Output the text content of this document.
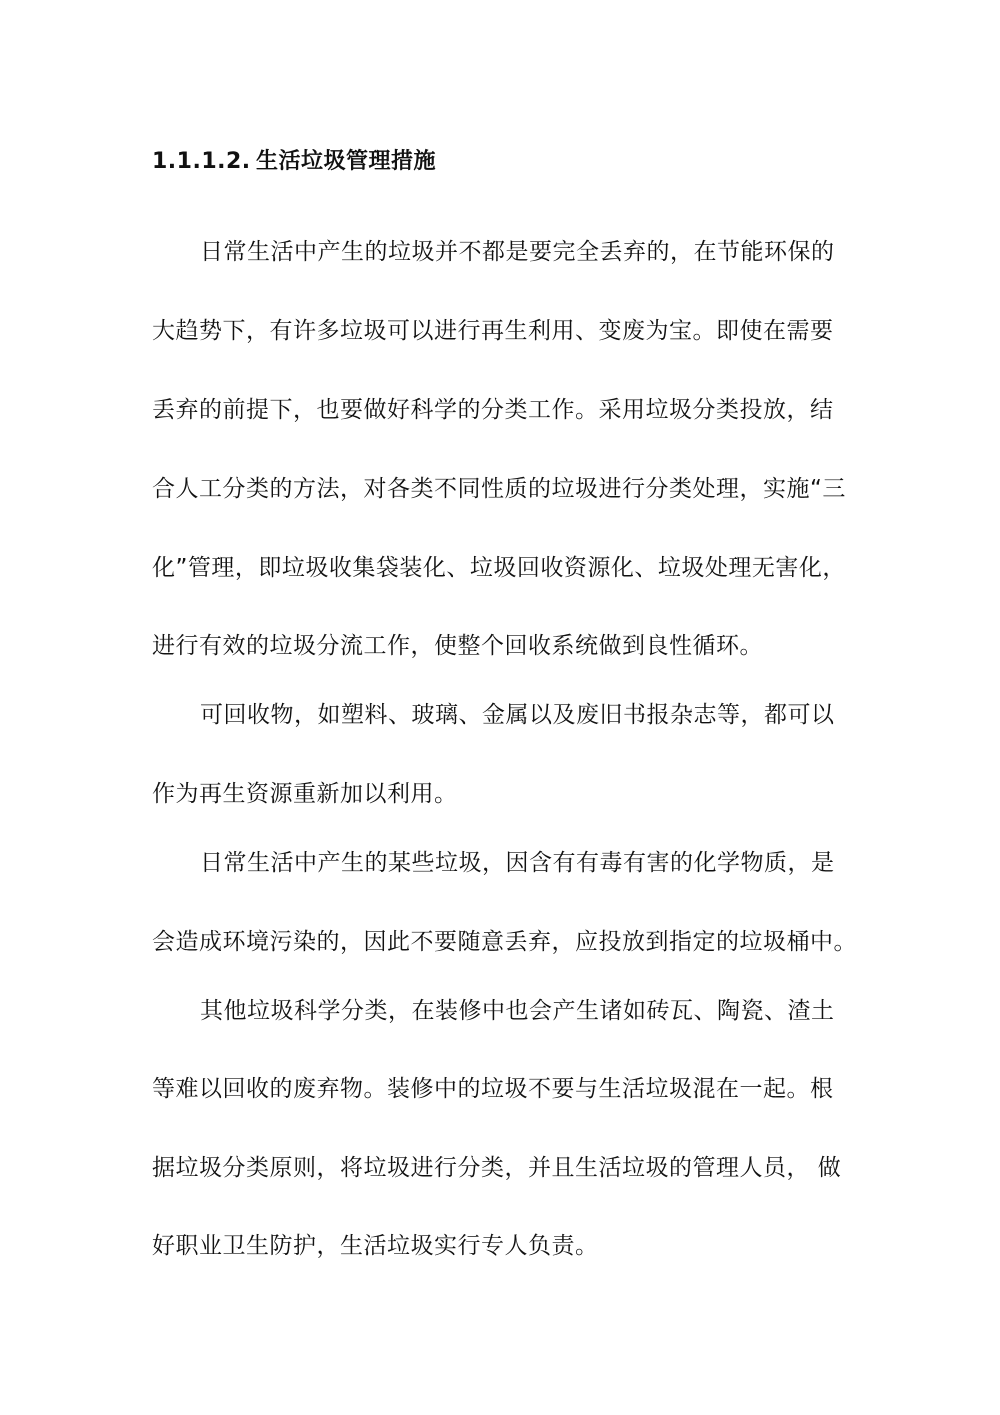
1.1.1.2. 生活垃圾管理措施
日常生活中产生的垃圾并不都是要完全丢弃的，在节能环保的
大趋势下，有许多垃圾可以进行再生利用、变废为宝。即使在需要
丢弃的前提下，也要做好科学的分类工作。采用垃圾分类投放，结
合人工分类的方法，对各类不同性质的垃圾进行分类处理，实施“三
化”管理，即垃圾收集袋装化、垃圾回收资源化、垃圾处理无害化，
进行有效的垃圾分流工作，使整个回收系统做到良性循环。
可回收物，如塑料、玻璃、金属以及废旧书报杂志等，都可以
作为再生资源重新加以利用。
日常生活中产生的某些垃圾，因含有有毒有害的化学物质，是
会造成环境污染的，因此不要随意丢弃，应投放到指定的垃圾桶中。
其他垃圾科学分类，在装修中也会产生诸如砖瓦、陶瓷、渣土
等难以回收的废弃物。装修中的垃圾不要与生活垃圾混在一起。根
据垃圾分类原则，将垃圾进行分类，并且生活垃圾的管理人员， 做
好职业卫生防护，生活垃圾实行专人负责。
